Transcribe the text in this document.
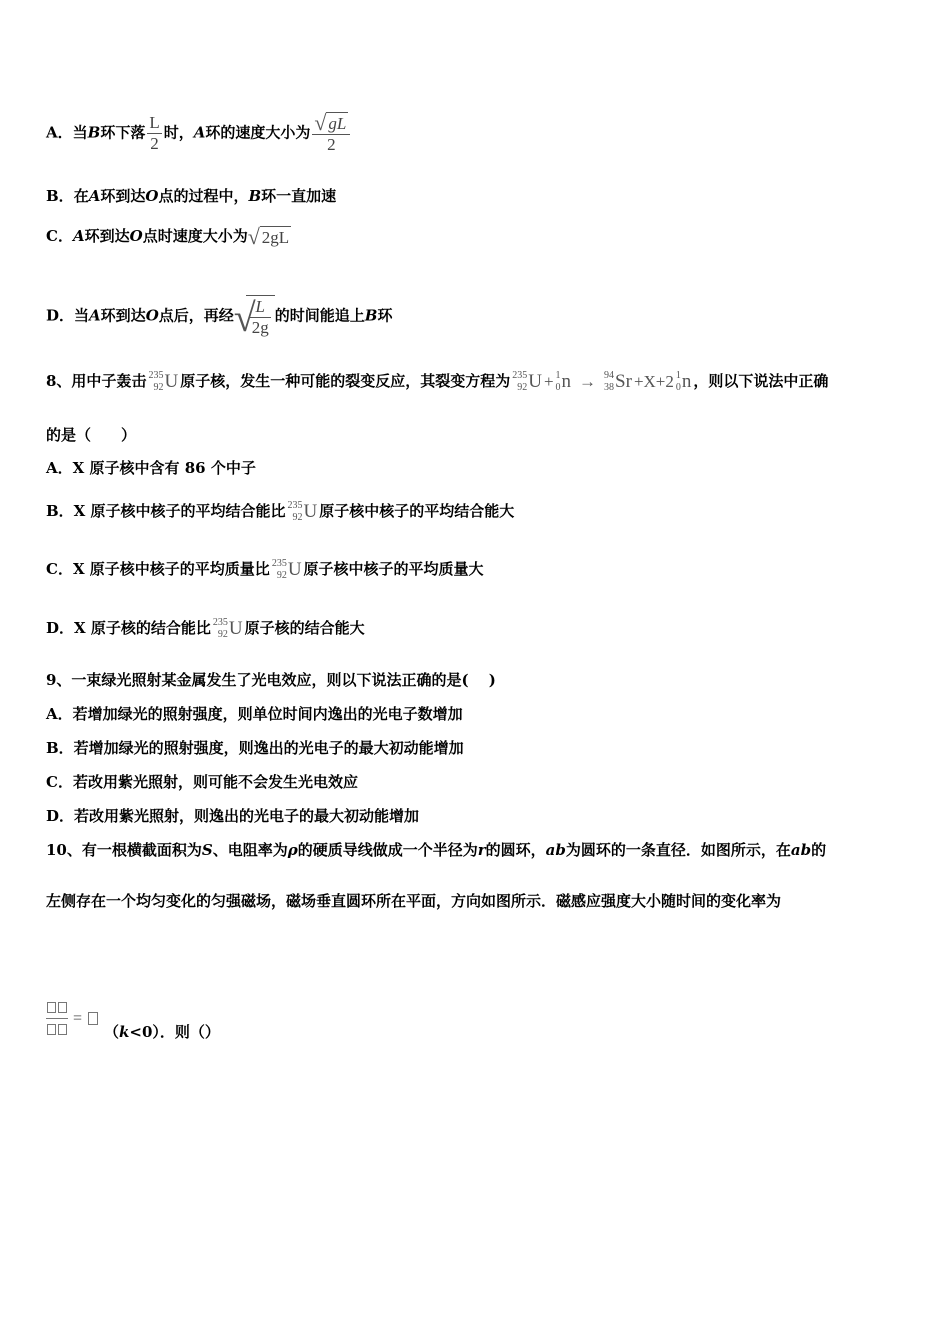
A．当B环下落 $\frac{L}{2}$ 时，A环的速度大小为 $\frac{√ gL}{2}$
B．在A环到达O点的过程中，B环一直加速
C．A环到达O点时速度大小为 √ 2gL
D．当A环到达O点后，再经 √
$\frac{L}{2g}$ 的时间能追上B环
8、用中子轰击 235
92 U 原子核，发生一种可能的裂变反应，其裂变方程为 235
92 U + 1
0 n → 94
38 Sr +X+2 1
0 n ，则以下说法中正确
的是（　　）
A．X 原子核中含有 86 个中子
B．X 原子核中核子的平均结合能比 235
92 U 原子核中核子的平均结合能大
C．X 原子核中核子的平均质量比 235
92 U 原子核中核子的平均质量大
D．X 原子核的结合能比 235
92 U 原子核的结合能大
9、一束绿光照射某金属发生了光电效应，则以下说法正确的是(　 )
A．若增加绿光的照射强度，则单位时间内逸出的光电子数增加
B．若增加绿光的照射强度，则逸出的光电子的最大初动能增加
C．若改用紫光照射，则可能不会发生光电效应
D．若改用紫光照射，则逸出的光电子的最大初动能增加
10、有一根横截面积为S、电阻率为ρ的硬质导线做成一个半径为r的圆环，ab为圆环的一条直径．如图所示，在ab的
左侧存在一个均匀变化的匀强磁场，磁场垂直圆环所在平面，方向如图所示．磁感应强度大小随时间的变化率为
=
（k<0）．则（）
